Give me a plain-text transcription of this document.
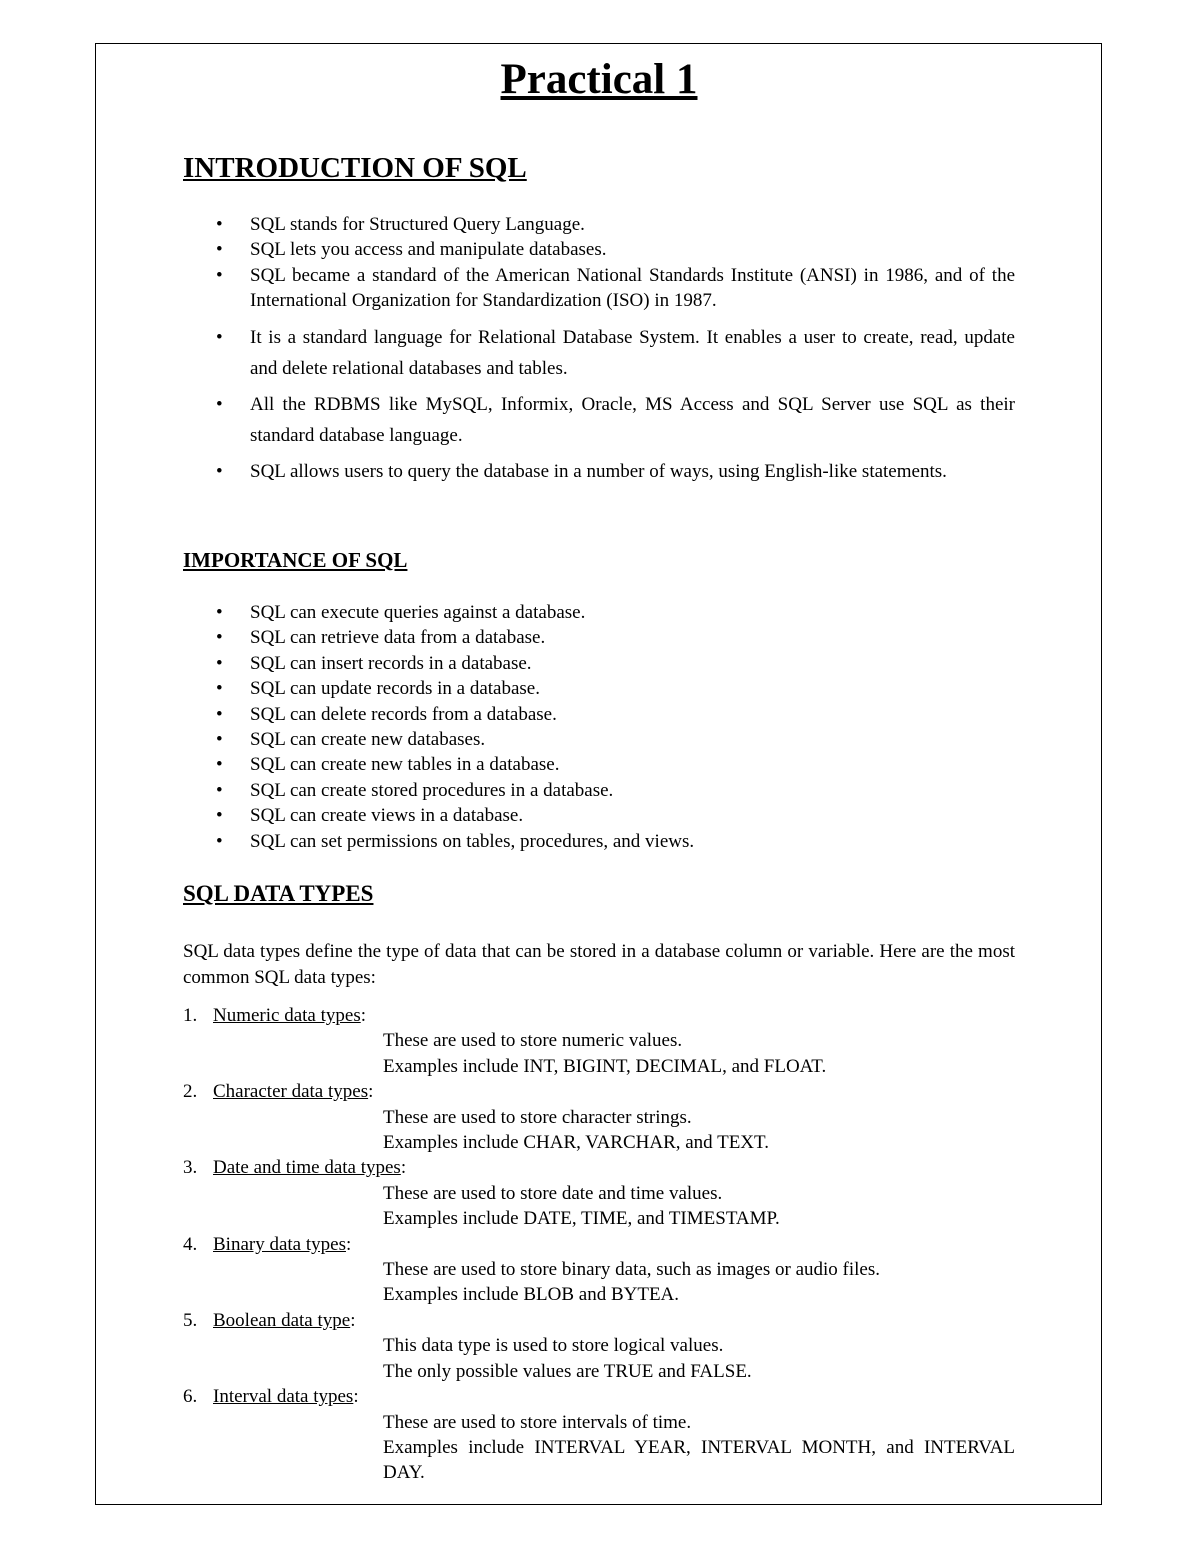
Practical 1
INTRODUCTION OF SQL
• SQL stands for Structured Query Language.
• SQL lets you access and manipulate databases.
• SQL became a standard of the American National Standards Institute (ANSI) in 1986, and of the International Organization for Standardization (ISO) in 1987.
• It is a standard language for Relational Database System. It enables a user to create, read, update and delete relational databases and tables.
• All the RDBMS like MySQL, Informix, Oracle, MS Access and SQL Server use SQL as their standard database language.
• SQL allows users to query the database in a number of ways, using English-like statements.
IMPORTANCE OF SQL
• SQL can execute queries against a database.
• SQL can retrieve data from a database.
• SQL can insert records in a database.
• SQL can update records in a database.
• SQL can delete records from a database.
• SQL can create new databases.
• SQL can create new tables in a database.
• SQL can create stored procedures in a database.
• SQL can create views in a database.
• SQL can set permissions on tables, procedures, and views.
SQL DATA TYPES

SQL data types define the type of data that can be stored in a database column or variable. Here are the most common SQL data types:

1. Numeric data types:
These are used to store numeric values.
Examples include INT, BIGINT, DECIMAL, and FLOAT.
2. Character data types:
These are used to store character strings.
Examples include CHAR, VARCHAR, and TEXT.
3. Date and time data types:
These are used to store date and time values.
Examples include DATE, TIME, and TIMESTAMP.
4. Binary data types:
These are used to store binary data, such as images or audio files.
Examples include BLOB and BYTEA.
5. Boolean data type:
This data type is used to store logical values.
The only possible values are TRUE and FALSE.
6. Interval data types:
These are used to store intervals of time.
Examples include INTERVAL YEAR, INTERVAL MONTH, and INTERVAL DAY.
